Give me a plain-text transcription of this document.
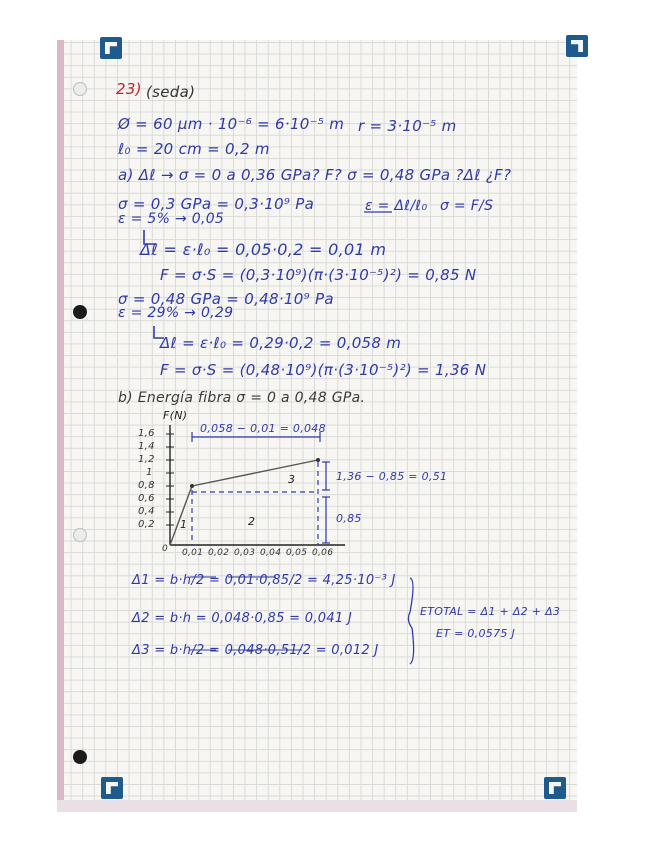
23) (seda)
Ø = 60 μm · 10⁻⁶ = 6·10⁻⁵ m r = 3·10⁻⁵ m
ℓ₀ = 20 cm = 0,2 m
a) Δℓ → σ = 0 a 0,36 GPa? F? σ = 0,48 GPa ?Δℓ ¿F?
σ = 0,3 GPa = 0,3·10⁹ Pa
ε = 5% → 0,05
ε = Δℓ/ℓ₀ σ = F/S
Δℓ = ε·ℓ₀ = 0,05·0,2 = 0,01 m
F = σ·S = (0,3·10⁹)(π·(3·10⁻⁵)²) = 0,85 N
σ = 0,48 GPa = 0,48·10⁹ Pa
ε = 29% → 0,29
Δℓ = ε·ℓ₀ = 0,29·0,2 = 0,058 m
F = σ·S = (0,48·10⁹)(π·(3·10⁻⁵)²) = 1,36 N
b) Energía fibra σ = 0 a 0,48 GPa.
F(N)
1,6
1,4
1,2
1
0,8
0,6
0,4
0,2
0 0,01 0,02 0,03 0,04 0,05 0,06
0,058 − 0,01 = 0,048
1,36 − 0,85 = 0,51
0,85
1	2
3
Δ1 = b·h/2 = 0,01·0,85/2 = 4,25·10⁻³ J
Δ2 = b·h = 0,048·0,85 = 0,041 J
Δ3 = b·h/2 = 0,048·0,51/2 = 0,012 J
ETOTAL = Δ1 + Δ2 + Δ3
ET = 0,0575 J
